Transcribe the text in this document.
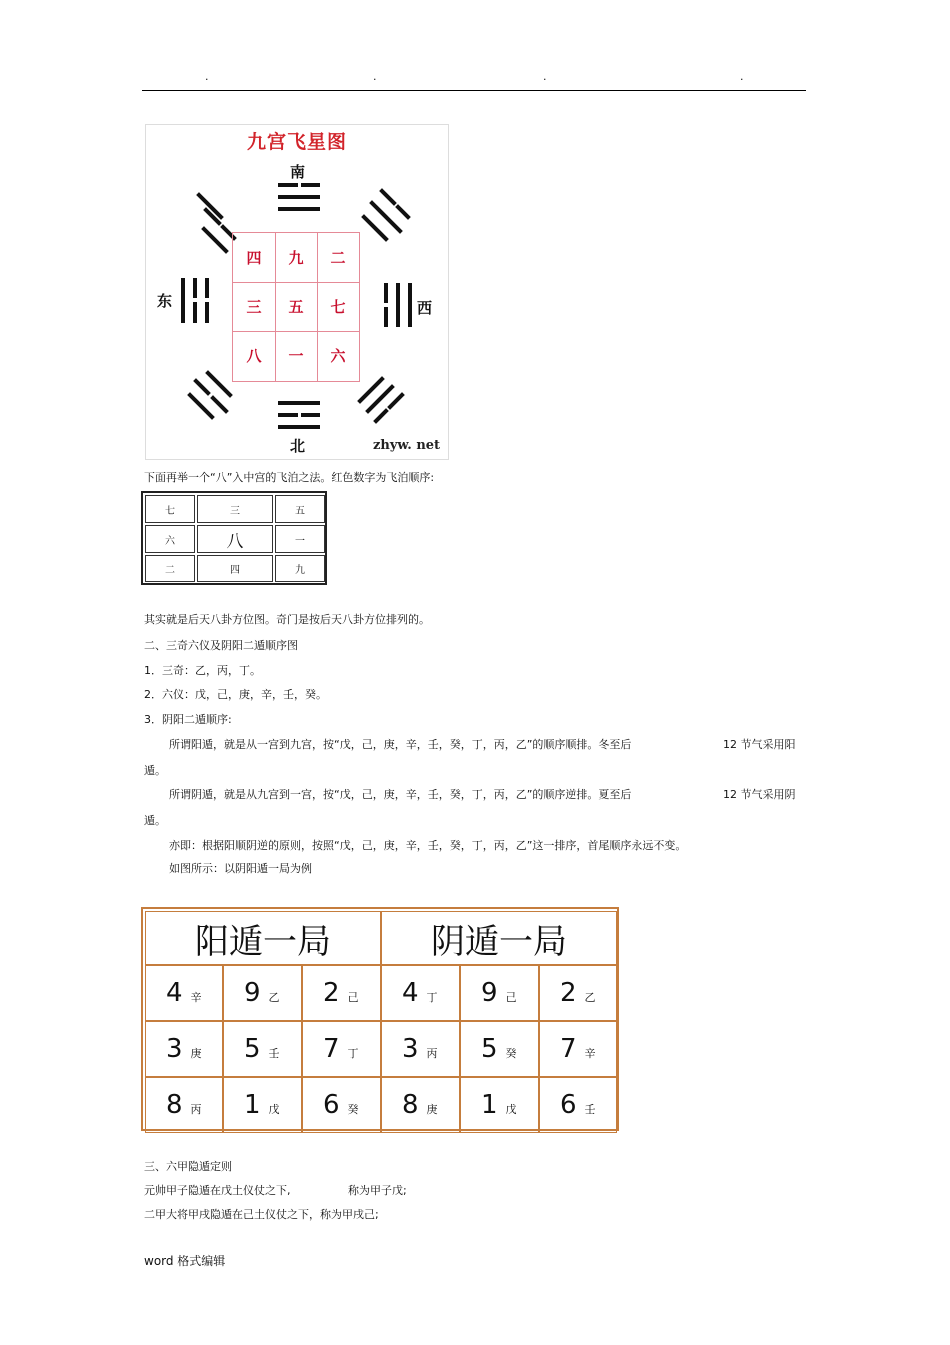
.	.	.	.
九宫飞星图
南
北
东	西
四	九	二
三	五	七
八	一	六
zhyw. net
下面再举一个“八”入中宫的飞泊之法。红色数字为飞泊顺序:
七	三	五
六	八	一
二	四	九
其实就是后天八卦方位图。奇门是按后天八卦方位排列的。
二、三奇六仪及阴阳二遁顺序图
1．三奇：乙，丙，丁。
2．六仪：戊，己，庚，辛，壬，癸。
3．阴阳二遁顺序:
所谓阳遁，就是从一宫到九宫，按“戊，己，庚，辛，壬，癸，丁，丙，乙”的顺序顺排。冬至后	12 节气采用阳
遁。
所谓阴遁，就是从九宫到一宫，按“戊，己，庚，辛，壬，癸，丁，丙，乙”的顺序逆排。夏至后	12 节气采用阴
遁。
亦即：根据阳顺阴逆的原则，按照“戊，己，庚，辛，壬，癸，丁，丙，乙”这一排序，首尾顺序永远不变。
如图所示：以阴阳遁一局为例
阳遁一局	阴遁一局
4 辛 9 乙 2 己 4 丁 9 己 2 乙
3 庚 5 壬 7 丁 3 丙 5 癸 7 辛
8 丙 1 戊 6 癸 8 庚 1 戊 6 壬
三、六甲隐遁定则
元帅甲子隐遁在戊土仪仗之下,	称为甲子戊;
二甲大将甲戌隐遁在己土仪仗之下，称为甲戌己;
word 格式编辑
